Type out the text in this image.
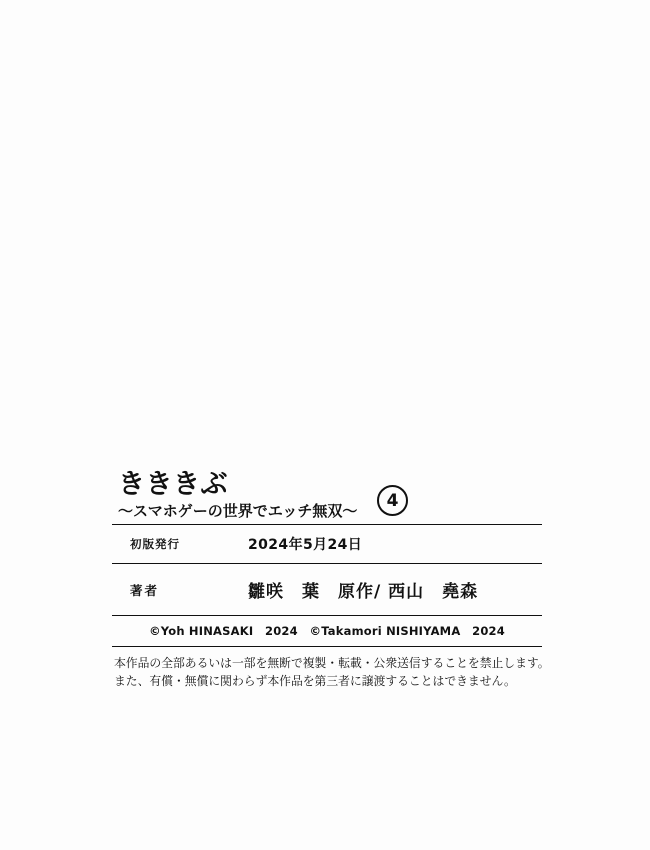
きききぶ
〜スマホゲーの世界でエッチ無双〜
4
初版発行	2024年5月24日
著者	雛咲　葉　原作/ 西山　堯森
©Yoh HINASAKI　2024　©Takamori NISHIYAMA　2024
本作品の全部あるいは一部を無断で複製・転載・公衆送信することを禁止します。
また、有償・無償に関わらず本作品を第三者に譲渡することはできません。
